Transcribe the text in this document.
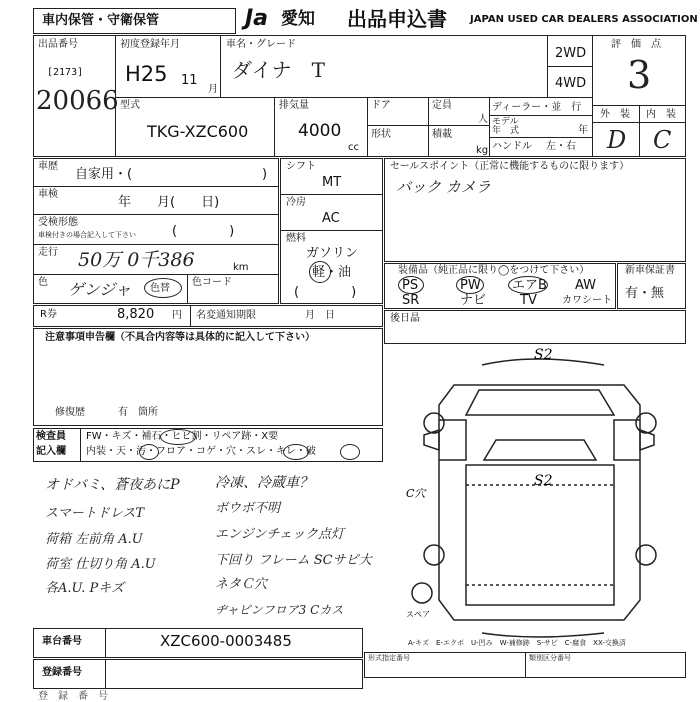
車内保管・守衛保管	Ja 愛知 出品申込書 JAPAN USED CAR DEALERS ASSOCIATION
出品番号
[2173]
20066
初度登録年月
H25 11
月
車名・グレード
ダイナ　T
2WD
4WD
評　価　点
3
外　装 内　装
D C
型式
TKG-XZC600
排気量
4000
cc
ドア
形状
定員
人
積載
kg
ディーラー・並　行
モデル
年　式	年
ハンドル 左・右
車歴
自家用・(	)
車検
年　　月(　　日)
受検形態
車検付きの場合記入して下さい	(　　　　)
走行 50万 0千386	km
色 ゲンジャ 色替
色コード
シフト
MT
冷房
AC
燃料
ガソリン
軽・油
(　　　　)
セールスポイント（正常に機能するものに限ります）
バック カメラ
装備品（純正品に限り◯をつけて下さい）
PS	PW エアB AW
SR	ナビ	TV	カワシート
新車保証書
有・無
R券	8,820 円 名変通知期限	月　日	後日晶
注意事項申告欄（不具合内容等は具体的に記入して下さい）
修復歴	有　箇所
検査員
記入欄
FW・キズ・補石・ヒビ割・リペア跡・X要
内装・天・汚・フロア・コゲ・穴・スレ・キレ・破
オドバミ、蒼夜あにP	冷凍、冷蔵車？
スマートドレスT	ボウボ不明
荷箱 左前角 A.U	エンジンチェック点灯
荷室 仕切り角 A.U	下回り フレーム SCサビ大
各A.U. Pキズ	ネタＣ穴
ヂャビンフロア3 Cカス
S2
S2
C穴
スペア
A-キズ　E-エクボ　U-凹み　W-補修跡　S-サビ　C-腐食　XX-交換済
車台番号	XZC600-0003485
登録番号
形式指定番号	類別区分番号
登　録　番　号
